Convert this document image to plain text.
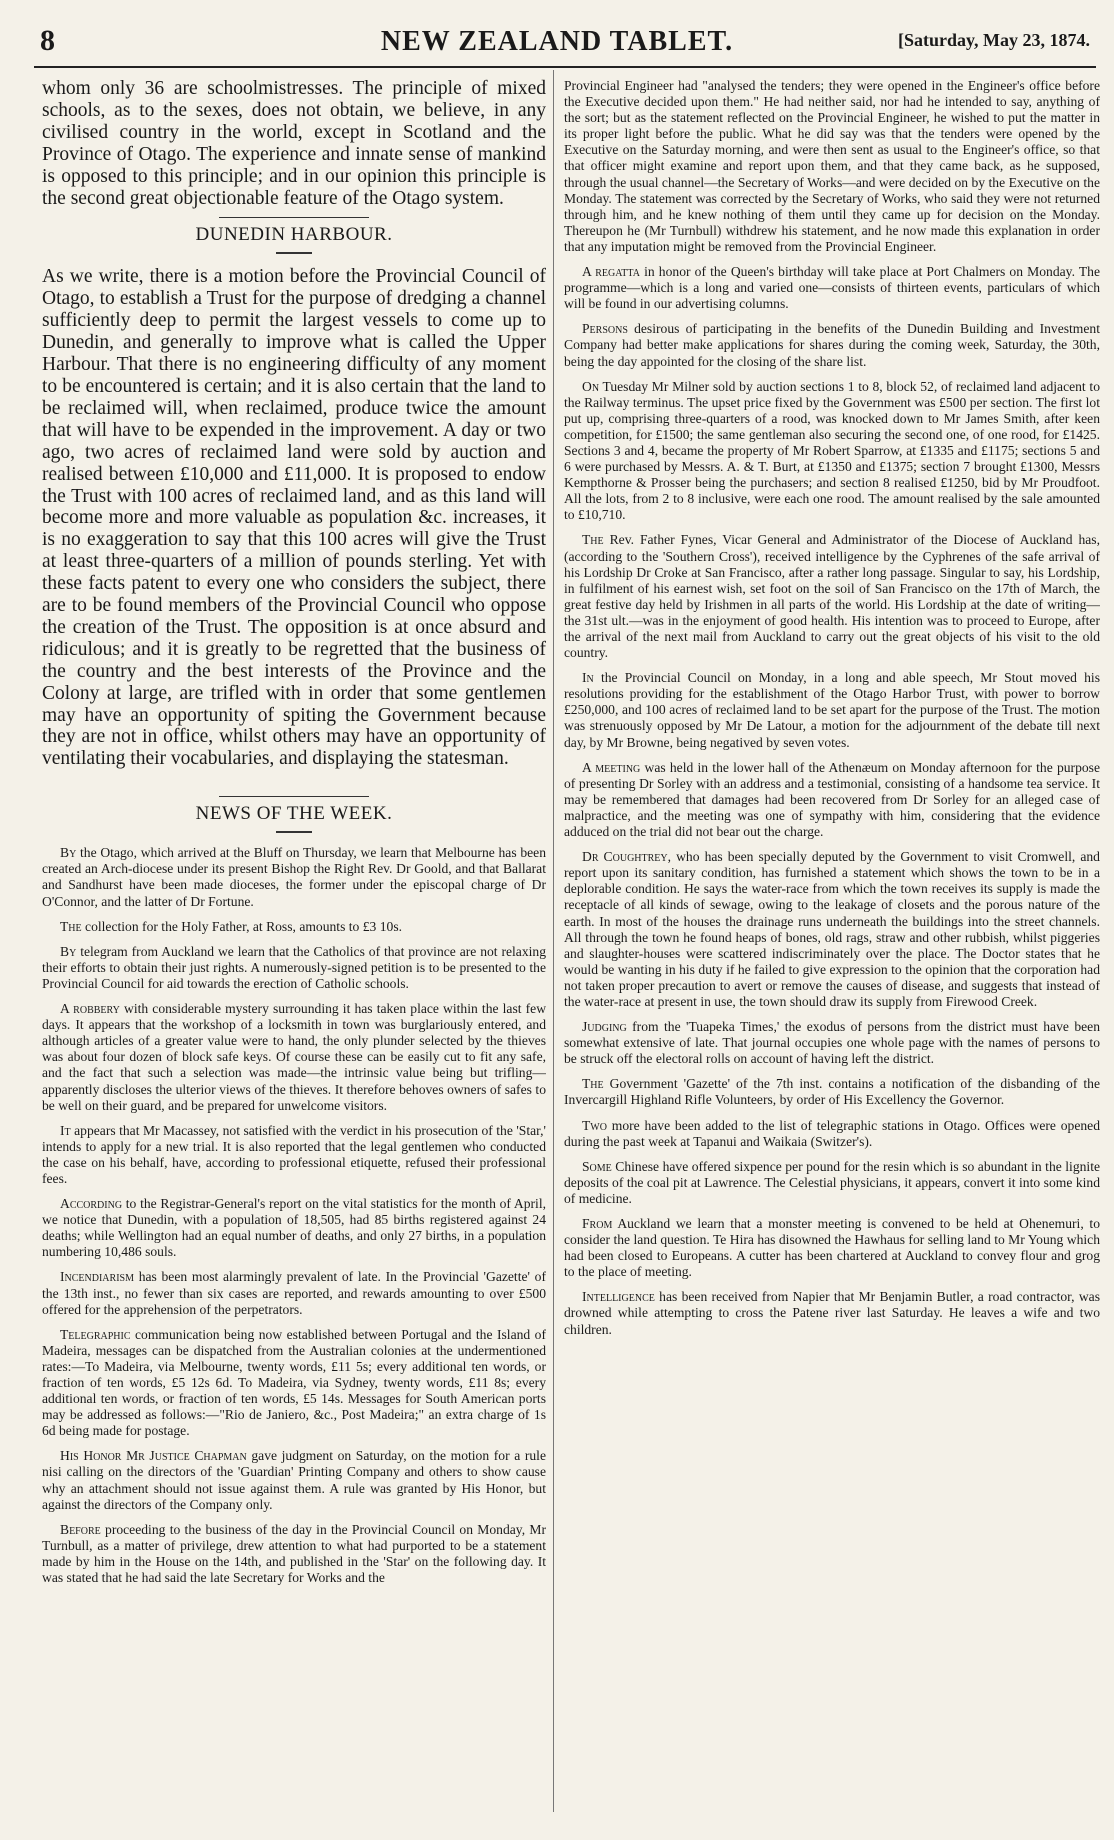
8	NEW ZEALAND TABLET.	[Saturday, May 23, 1874.

whom only 36 are schoolmistresses. The principle of mixed schools, as to the sexes, does not obtain, we believe, in any civilised country in the world, except in Scotland and the Province of Otago. The experience and innate sense of mankind is opposed to this principle; and in our opinion this principle is the second great objectionable feature of the Otago system.

DUNEDIN HARBOUR.

As we write, there is a motion before the Provincial Council of Otago, to establish a Trust for the purpose of dredging a channel sufficiently deep to permit the largest vessels to come up to Dunedin, and generally to improve what is called the Upper Harbour. That there is no engineering difficulty of any moment to be encountered is certain; and it is also certain that the land to be reclaimed will, when reclaimed, produce twice the amount that will have to be expended in the improvement. A day or two ago, two acres of reclaimed land were sold by auction and realised between £10,000 and £11,000. It is proposed to endow the Trust with 100 acres of reclaimed land, and as this land will become more and more valuable as population &c. increases, it is no exaggeration to say that this 100 acres will give the Trust at least three-quarters of a million of pounds sterling. Yet with these facts patent to every one who considers the subject, there are to be found members of the Provincial Council who oppose the creation of the Trust. The opposition is at once absurd and ridiculous; and it is greatly to be regretted that the business of the country and the best interests of the Province and the Colony at large, are trifled with in order that some gentlemen may have an opportunity of spiting the Government because they are not in office, whilst others may have an opportunity of ventilating their vocabularies, and displaying the statesman.

NEWS OF THE WEEK.

By the Otago, which arrived at the Bluff on Thursday, we learn that Melbourne has been created an Arch-diocese under its present Bishop the Right Rev. Dr Goold, and that Ballarat and Sandhurst have been made dioceses, the former under the episcopal charge of Dr O'Connor, and the latter of Dr Fortune.

The collection for the Holy Father, at Ross, amounts to £3 10s.

By telegram from Auckland we learn that the Catholics of that province are not relaxing their efforts to obtain their just rights. A numerously-signed petition is to be presented to the Provincial Council for aid towards the erection of Catholic schools.

A robbery with considerable mystery surrounding it has taken place within the last few days. It appears that the workshop of a locksmith in town was burglariously entered, and although articles of a greater value were to hand, the only plunder selected by the thieves was about four dozen of block safe keys. Of course these can be easily cut to fit any safe, and the fact that such a selection was made—the intrinsic value being but trifling—apparently discloses the ulterior views of the thieves. It therefore behoves owners of safes to be well on their guard, and be prepared for unwelcome visitors.

It appears that Mr Macassey, not satisfied with the verdict in his prosecution of the 'Star,' intends to apply for a new trial. It is also reported that the legal gentlemen who conducted the case on his behalf, have, according to professional etiquette, refused their professional fees.

According to the Registrar-General's report on the vital statistics for the month of April, we notice that Dunedin, with a population of 18,505, had 85 births registered against 24 deaths; while Wellington had an equal number of deaths, and only 27 births, in a population numbering 10,486 souls.

Incendiarism has been most alarmingly prevalent of late. In the Provincial 'Gazette' of the 13th inst., no fewer than six cases are reported, and rewards amounting to over £500 offered for the apprehension of the perpetrators.

Telegraphic communication being now established between Portugal and the Island of Madeira, messages can be dispatched from the Australian colonies at the undermentioned rates:—To Madeira, via Melbourne, twenty words, £11 5s; every additional ten words, or fraction of ten words, £5 12s 6d. To Madeira, via Sydney, twenty words, £11 8s; every additional ten words, or fraction of ten words, £5 14s. Messages for South American ports may be addressed as follows:—"Rio de Janiero, &c., Post Madeira;" an extra charge of 1s 6d being made for postage.

His Honor Mr Justice Chapman gave judgment on Saturday, on the motion for a rule nisi calling on the directors of the 'Guardian' Printing Company and others to show cause why an attachment should not issue against them. A rule was granted by His Honor, but against the directors of the Company only.

Before proceeding to the business of the day in the Provincial Council on Monday, Mr Turnbull, as a matter of privilege, drew attention to what had purported to be a statement made by him in the House on the 14th, and published in the 'Star' on the following day. It was stated that he had said the late Secretary for Works and the

Provincial Engineer had "analysed the tenders; they were opened in the Engineer's office before the Executive decided upon them." He had neither said, nor had he intended to say, anything of the sort; but as the statement reflected on the Provincial Engineer, he wished to put the matter in its proper light before the public. What he did say was that the tenders were opened by the Executive on the Saturday morning, and were then sent as usual to the Engineer's office, so that that officer might examine and report upon them, and that they came back, as he supposed, through the usual channel—the Secretary of Works—and were decided on by the Executive on the Monday. The statement was corrected by the Secretary of Works, who said they were not returned through him, and he knew nothing of them until they came up for decision on the Monday. Thereupon he (Mr Turnbull) withdrew his statement, and he now made this explanation in order that any imputation might be removed from the Provincial Engineer.

A regatta in honor of the Queen's birthday will take place at Port Chalmers on Monday. The programme—which is a long and varied one—consists of thirteen events, particulars of which will be found in our advertising columns.

Persons desirous of participating in the benefits of the Dunedin Building and Investment Company had better make applications for shares during the coming week, Saturday, the 30th, being the day appointed for the closing of the share list.

On Tuesday Mr Milner sold by auction sections 1 to 8, block 52, of reclaimed land adjacent to the Railway terminus. The upset price fixed by the Government was £500 per section. The first lot put up, comprising three-quarters of a rood, was knocked down to Mr James Smith, after keen competition, for £1500; the same gentleman also securing the second one, of one rood, for £1425. Sections 3 and 4, became the property of Mr Robert Sparrow, at £1335 and £1175; sections 5 and 6 were purchased by Messrs. A. & T. Burt, at £1350 and £1375; section 7 brought £1300, Messrs Kempthorne & Prosser being the purchasers; and section 8 realised £1250, bid by Mr Proudfoot. All the lots, from 2 to 8 inclusive, were each one rood. The amount realised by the sale amounted to £10,710.

The Rev. Father Fynes, Vicar General and Administrator of the Diocese of Auckland has, (according to the 'Southern Cross'), received intelligence by the Cyphrenes of the safe arrival of his Lordship Dr Croke at San Francisco, after a rather long passage. Singular to say, his Lordship, in fulfilment of his earnest wish, set foot on the soil of San Francisco on the 17th of March, the great festive day held by Irishmen in all parts of the world. His Lordship at the date of writing—the 31st ult.—was in the enjoyment of good health. His intention was to proceed to Europe, after the arrival of the next mail from Auckland to carry out the great objects of his visit to the old country.

In the Provincial Council on Monday, in a long and able speech, Mr Stout moved his resolutions providing for the establishment of the Otago Harbor Trust, with power to borrow £250,000, and 100 acres of reclaimed land to be set apart for the purpose of the Trust. The motion was strenuously opposed by Mr De Latour, a motion for the adjournment of the debate till next day, by Mr Browne, being negatived by seven votes.

A meeting was held in the lower hall of the Athenæum on Monday afternoon for the purpose of presenting Dr Sorley with an address and a testimonial, consisting of a handsome tea service. It may be remembered that damages had been recovered from Dr Sorley for an alleged case of malpractice, and the meeting was one of sympathy with him, considering that the evidence adduced on the trial did not bear out the charge.

Dr Coughtrey, who has been specially deputed by the Government to visit Cromwell, and report upon its sanitary condition, has furnished a statement which shows the town to be in a deplorable condition. He says the water-race from which the town receives its supply is made the receptacle of all kinds of sewage, owing to the leakage of closets and the porous nature of the earth. In most of the houses the drainage runs underneath the buildings into the street channels. All through the town he found heaps of bones, old rags, straw and other rubbish, whilst piggeries and slaughter-houses were scattered indiscriminately over the place. The Doctor states that he would be wanting in his duty if he failed to give expression to the opinion that the corporation had not taken proper precaution to avert or remove the causes of disease, and suggests that instead of the water-race at present in use, the town should draw its supply from Firewood Creek.

Judging from the 'Tuapeka Times,' the exodus of persons from the district must have been somewhat extensive of late. That journal occupies one whole page with the names of persons to be struck off the electoral rolls on account of having left the district.

The Government 'Gazette' of the 7th inst. contains a notification of the disbanding of the Invercargill Highland Rifle Volunteers, by order of His Excellency the Governor.

Two more have been added to the list of telegraphic stations in Otago. Offices were opened during the past week at Tapanui and Waikaia (Switzer's).

Some Chinese have offered sixpence per pound for the resin which is so abundant in the lignite deposits of the coal pit at Lawrence. The Celestial physicians, it appears, convert it into some kind of medicine.

From Auckland we learn that a monster meeting is convened to be held at Ohenemuri, to consider the land question. Te Hira has disowned the Hawhaus for selling land to Mr Young which had been closed to Europeans. A cutter has been chartered at Auckland to convey flour and grog to the place of meeting.

Intelligence has been received from Napier that Mr Benjamin Butler, a road contractor, was drowned while attempting to cross the Patene river last Saturday. He leaves a wife and two children.
